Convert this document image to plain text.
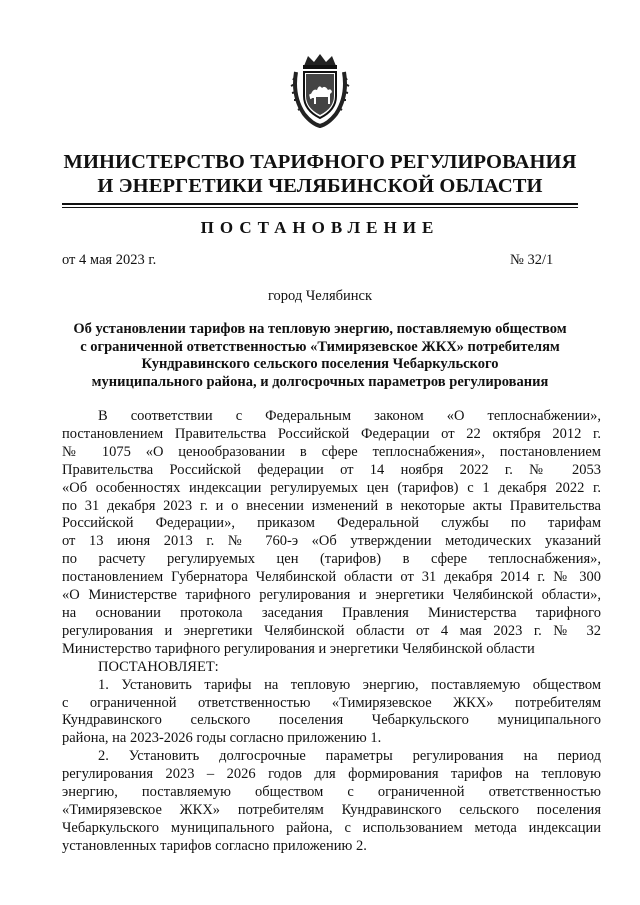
МИНИСТЕРСТВО ТАРИФНОГО РЕГУЛИРОВАНИЯ
И ЭНЕРГЕТИКИ ЧЕЛЯБИНСКОЙ ОБЛАСТИ
ПОСТАНОВЛЕНИЕ
от 4 мая 2023 г.	№ 32/1
город Челябинск
Об установлении тарифов на тепловую энергию, поставляемую обществом
с ограниченной ответственностью «Тимирязевское ЖКХ» потребителям
Кундравинского сельского поселения Чебаркульского
муниципального района, и долгосрочных параметров регулирования
В соответствии с Федеральным законом «О теплоснабжении»,
постановлением Правительства Российской Федерации от 22 октября 2012 г.
№ 1075 «О ценообразовании в сфере теплоснабжения», постановлением
Правительства Российской федерации от 14 ноября 2022 г. № 2053
«Об особенностях индексации регулируемых цен (тарифов) с 1 декабря 2022 г.
по 31 декабря 2023 г. и о внесении изменений в некоторые акты Правительства
Российской Федерации», приказом Федеральной службы по тарифам
от 13 июня 2013 г. № 760-э «Об утверждении методических указаний
по расчету регулируемых цен (тарифов) в сфере теплоснабжения»,
постановлением Губернатора Челябинской области от 31 декабря 2014 г. № 300
«О Министерстве тарифного регулирования и энергетики Челябинской области»,
на основании протокола заседания Правления Министерства тарифного
регулирования и энергетики Челябинской области от 4 мая 2023 г. № 32
Министерство тарифного регулирования и энергетики Челябинской области

ПОСТАНОВЛЯЕТ:

1. Установить тарифы на тепловую энергию, поставляемую обществом
с ограниченной ответственностью «Тимирязевское ЖКХ» потребителям
Кундравинского сельского поселения Чебаркульского муниципального
района, на 2023-2026 годы согласно приложению 1.
2. Установить долгосрочные параметры регулирования на период
регулирования 2023 – 2026 годов для формирования тарифов на тепловую
энергию, поставляемую обществом с ограниченной ответственностью
«Тимирязевское ЖКХ» потребителям Кундравинского сельского поселения
Чебаркульского муниципального района, с использованием метода индексации
установленных тарифов согласно приложению 2.
